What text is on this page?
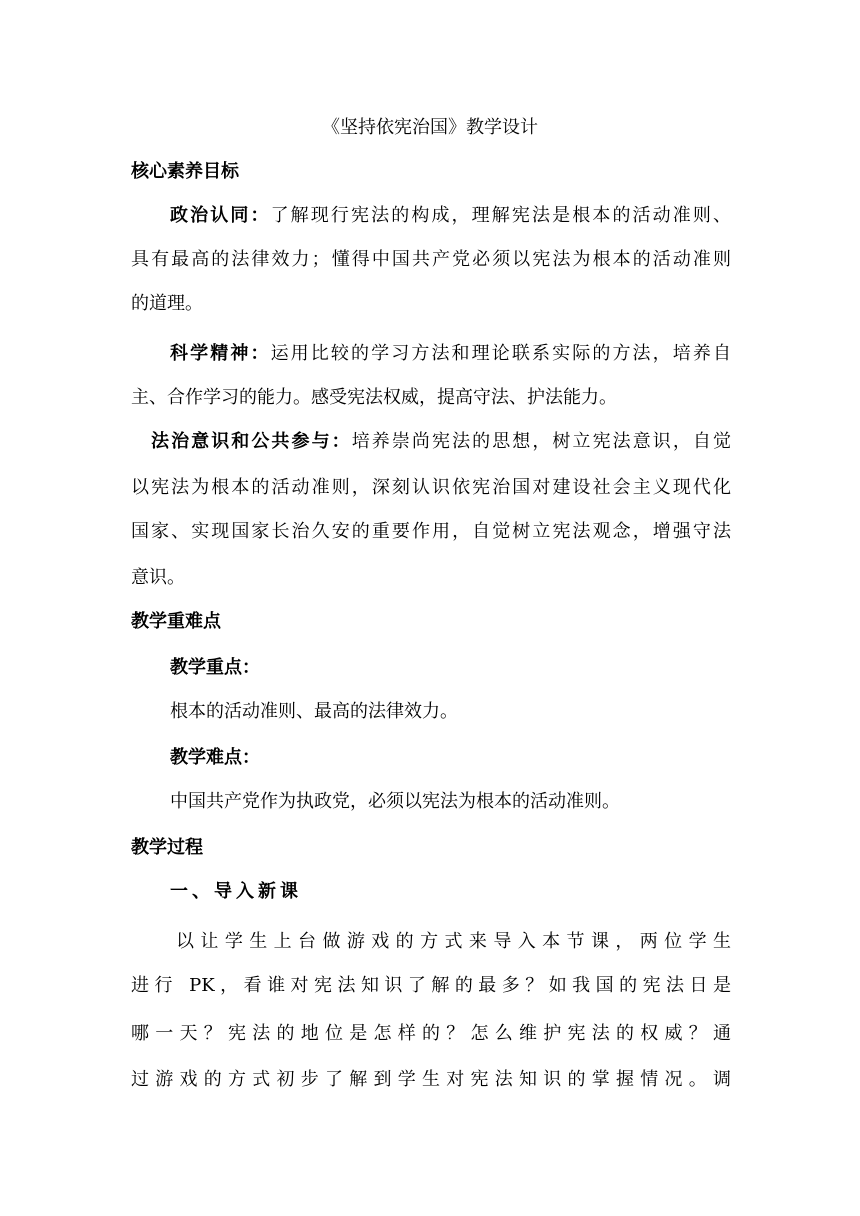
《坚持依宪治国》教学设计
核心素养目标
政治认同：了解现行宪法的构成，理解宪法是根本的活动准则、
具有最高的法律效力；懂得中国共产党必须以宪法为根本的活动准则
的道理。
科学精神：运用比较的学习方法和理论联系实际的方法，培养自
主、合作学习的能力。感受宪法权威，提高守法、护法能力。
法治意识和公共参与：培养崇尚宪法的思想，树立宪法意识，自觉
以宪法为根本的活动准则，深刻认识依宪治国对建设社会主义现代化
国家、实现国家长治久安的重要作用，自觉树立宪法观念，增强守法
意识。
教学重难点
教学重点：
根本的活动准则、最高的法律效力。
教学难点：
中国共产党作为执政党，必须以宪法为根本的活动准则。
教学过程
一、导入新课
以让学生上台做游戏的方式来导入本节课，两位学生
进行 PK，看谁对宪法知识了解的最多？如我国的宪法日是
哪一天？宪法的地位是怎样的？怎么维护宪法的权威？通
过游戏的方式初步了解到学生对宪法知识的掌握情况。调
